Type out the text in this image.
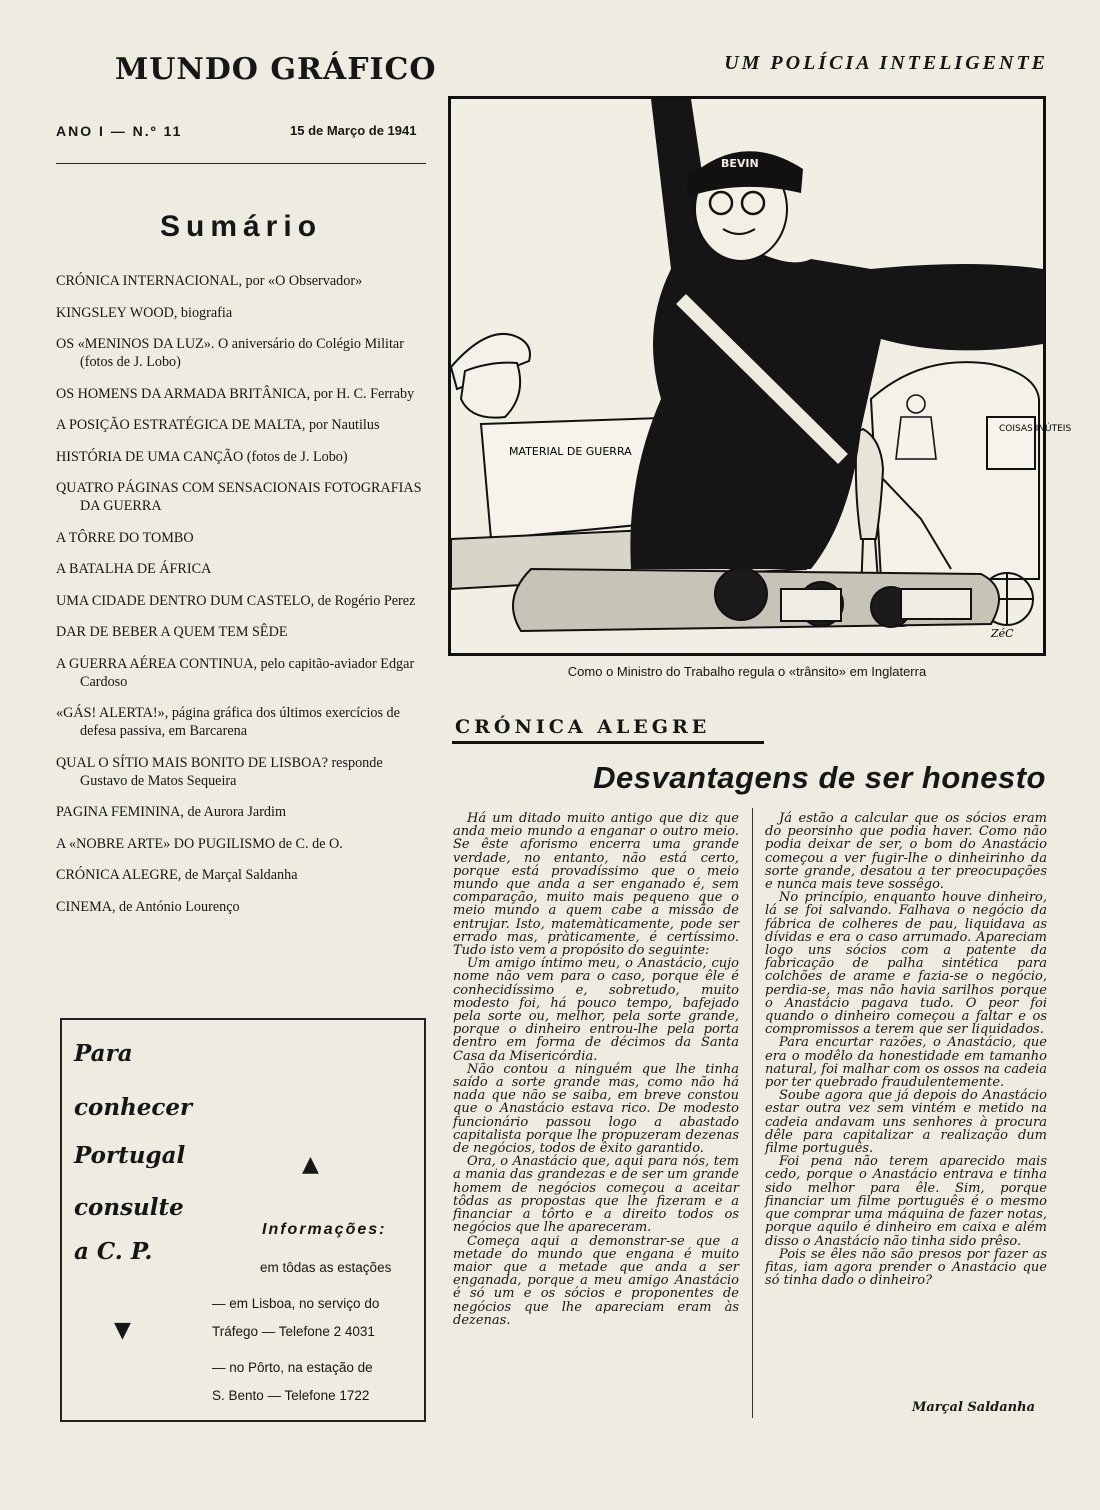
MUNDO GRÁFICO	UM POLÍCIA INTELIGENTE
ANO I — N.º 11	15 de Março de 1941
Sumário
CRÓNICA INTERNACIONAL, por «O Observador»
KINGSLEY WOOD, biografia
OS «MENINOS DA LUZ». O aniversário do Colégio Militar (fotos de J. Lobo)
OS HOMENS DA ARMADA BRITÂNICA, por H. C. Ferraby
A POSIÇÃO ESTRATÉGICA DE MALTA, por Nautilus
HISTÓRIA DE UMA CANÇÃO (fotos de J. Lobo)
QUATRO PÁGINAS COM SENSACIONAIS FOTOGRAFIAS DA GUERRA
A TÔRRE DO TOMBO
A BATALHA DE ÁFRICA
UMA CIDADE DENTRO DUM CASTELO, de Rogério Perez
DAR DE BEBER A QUEM TEM SÊDE
A GUERRA AÉREA CONTINUA, pelo capitão-aviador Edgar Cardoso
«GÁS! ALERTA!», página gráfica dos últimos exercícios de defesa passiva, em Barcarena
QUAL O SÍTIO MAIS BONITO DE LISBOA? responde Gustavo de Matos Sequeira
PAGINA FEMININA, de Aurora Jardim
A «NOBRE ARTE» DO PUGILISMO de C. de O.
CRÓNICA ALEGRE, de Marçal Saldanha
CINEMA, de António Lourenço
Para
conhecer
Portugal
consulte
a C. P.
▲
▼
Informações:
em tôdas as estações
— em Lisboa, no serviço do
Tráfego — Telefone 2 4031
— no Pôrto, na estação de
S. Bento — Telefone 1722
COISAS INÚTEIS
MATERIAL DE GUERRA
BEVIN
ZéC
Como o Ministro do Trabalho regula o «trânsito» em Inglaterra
CRÓNICA ALEGRE
Desvantagens de ser honesto

Há um ditado muito antigo que diz que anda meio mundo a enganar o outro meio. Se êste aforismo encerra uma grande verdade, no entanto, não está certo, porque está provadíssimo que o meio mundo que anda a ser enganado é, sem comparação, muito mais pequeno que o meio mundo a quem cabe a missão de entrujar. Isto, matemàticamente, pode ser errado mas, pràticamente, é certíssimo. Tudo isto vem a propósito do seguinte:

Um amigo íntimo meu, o Anastácio, cujo nome não vem para o caso, porque êle é conhecidíssimo e, sobretudo, muito modesto foi, há pouco tempo, bafejado pela sorte ou, melhor, pela sorte grande, porque o dinheiro entrou-lhe pela porta dentro em forma de décimos da Santa Casa da Misericórdia.

Não contou a ninguém que lhe tinha saído a sorte grande mas, como não há nada que não se saiba, em breve constou que o Anastácio estava rico. De modesto funcionário passou logo a abastado capitalista porque lhe propuzeram dezenas de negócios, todos de êxito garantido.

Ora, o Anastácio que, aqui para nós, tem a mania das grandezas e de ser um grande homem de negócios começou a aceitar tôdas as propostas que lhe fizeram e a financiar a tôrto e a direito todos os negócios que lhe apareceram.

Começa aqui a demonstrar-se que a metade do mundo que engana é muito maior que a metade que anda a ser enganada, porque a meu amigo Anastácio é só um e os sócios e proponentes de negócios que lhe apareciam eram às dezenas.

Já estão a calcular que os sócios eram do peorsinho que podia haver. Como não podia deixar de ser, o bom do Anastácio começou a ver fugir-lhe o dinheirinho da sorte grande, desatou a ter preocupações e nunca mais teve sossêgo.

No princípio, enquanto houve dinheiro, lá se foi salvando. Falhava o negócio da fábrica de colheres de pau, liquidava as dívidas e era o caso arrumado. Apareciam logo uns sócios com a patente da fabricação de palha sintética para colchões de arame e fazia-se o negócio, perdia-se, mas não havia sarilhos porque o Anastácio pagava tudo. O peor foi quando o dinheiro começou a faltar e os compromissos a terem que ser liquidados.

Para encurtar razões, o Anastácio, que era o modêlo da honestidade em tamanho natural, foi malhar com os ossos na cadeia por ter quebrado fraudulentemente.

Soube agora que já depois do Anastácio estar outra vez sem vintém e metido na cadeia andavam uns senhores à procura dêle para capitalizar a realização dum filme português.

Foi pena não terem aparecido mais cedo, porque o Anastácio entrava e tinha sido melhor para êle. Sim, porque financiar um filme português é o mesmo que comprar uma máquina de fazer notas, porque aquilo é dinheiro em caixa e além disso o Anastácio não tinha sido prêso.

Pois se êles não são presos por fazer as fitas, iam agora prender o Anastácio que só tinha dado o dinheiro?

Marçal Saldanha
